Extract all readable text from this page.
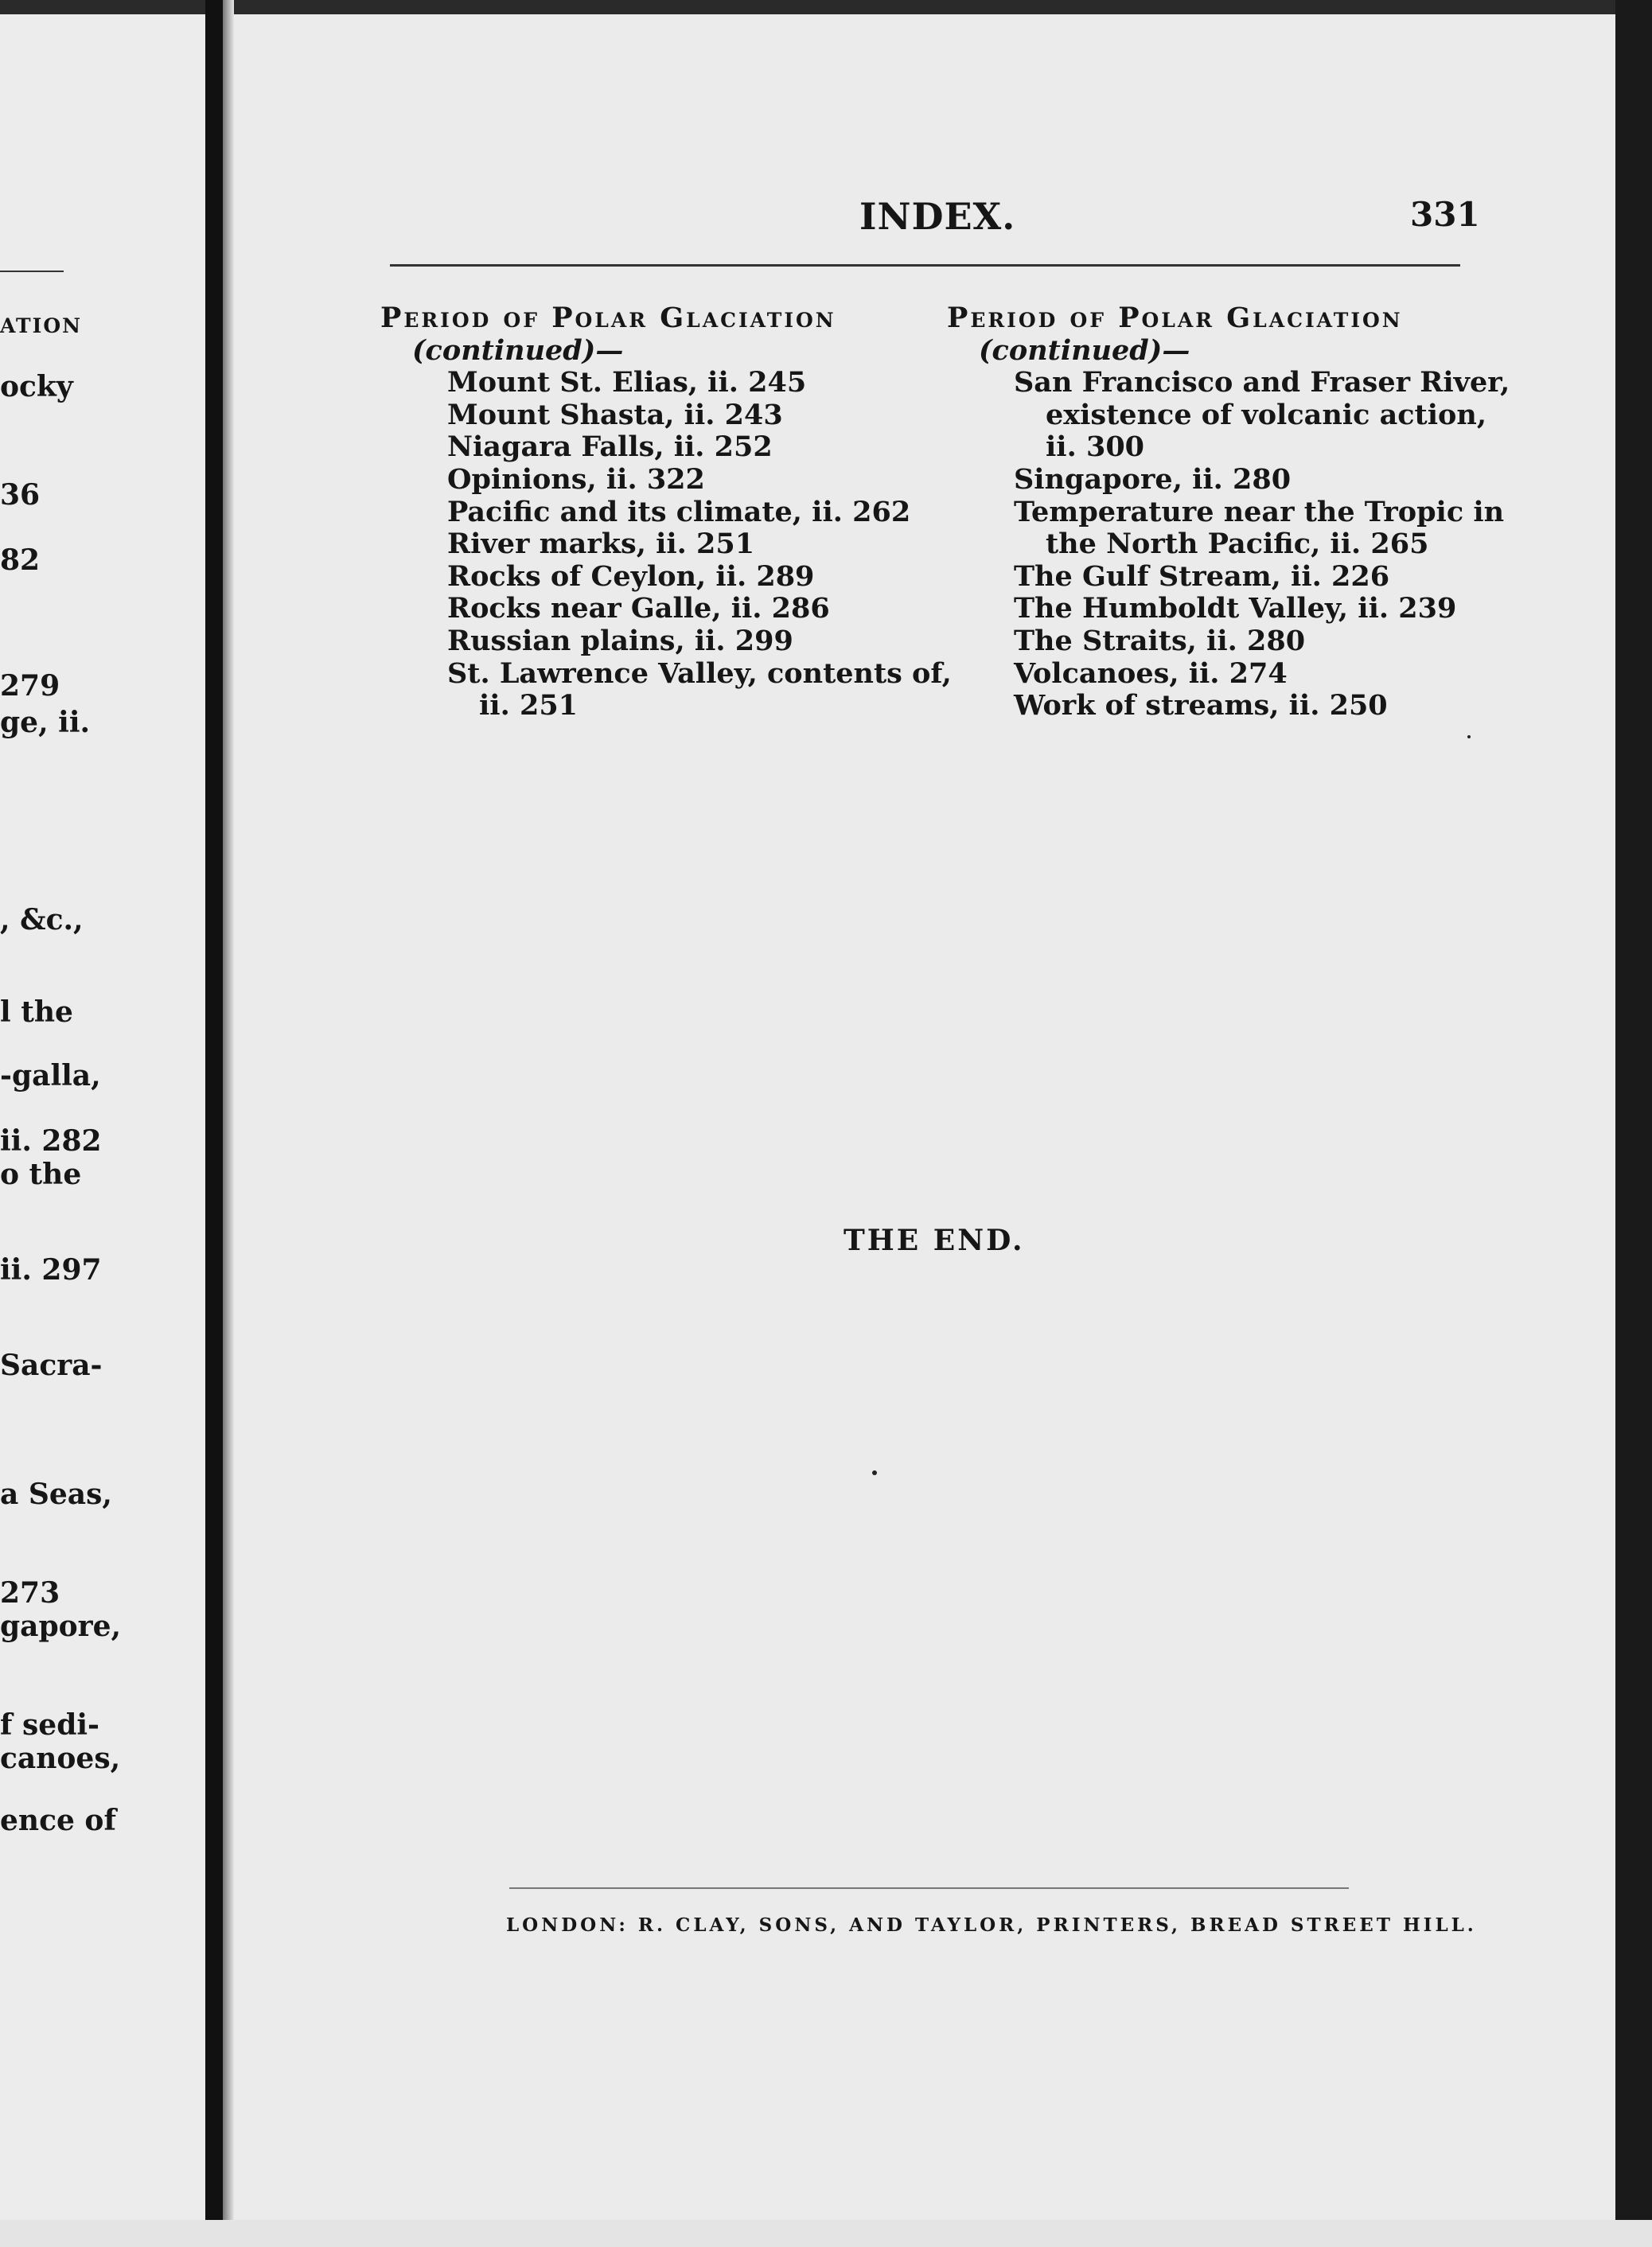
ation
ocky
36
82
279
ge, ii.
, &c.,
l the
-galla,
ii. 282
o the
ii. 297
Sacra-
a Seas,
273
gapore,
f sedi-
canoes,
ence of
INDEX.	331
Period of Polar Glaciation
(continued)—
Mount St. Elias, ii. 245
Mount Shasta, ii. 243
Niagara Falls, ii. 252
Opinions, ii. 322
Pacific and its climate, ii. 262
River marks, ii. 251
Rocks of Ceylon, ii. 289
Rocks near Galle, ii. 286
Russian plains, ii. 299
St. Lawrence Valley, contents of,
ii. 251
Period of Polar Glaciation
(continued)—
San Francisco and Fraser River,
existence of volcanic action,
ii. 300
Singapore, ii. 280
Temperature near the Tropic in
the North Pacific, ii. 265
The Gulf Stream, ii. 226
The Humboldt Valley, ii. 239
The Straits, ii. 280
Volcanoes, ii. 274
Work of streams, ii. 250
THE END.
LONDON: R. CLAY, SONS, AND TAYLOR, PRINTERS, BREAD STREET HILL.
